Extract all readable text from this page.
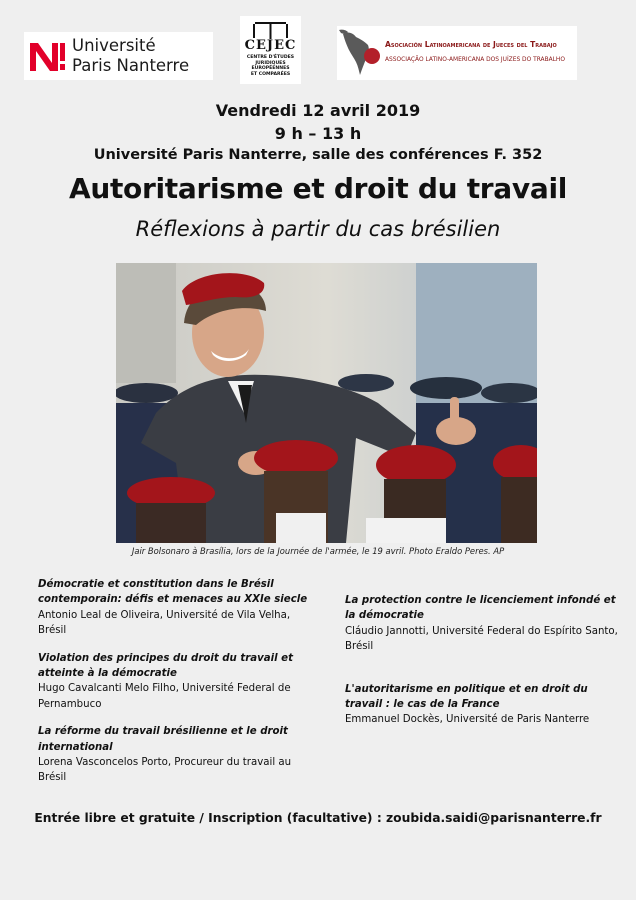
Université
Paris Nanterre
CEJEC
CENTRE D'ÉTUDES
JURIDIQUES
EUROPÉENNES
ET COMPARÉES
Asociación Latinoamericana de Jueces del Trabajo
ASSOCIAÇÃO LATINO-AMERICANA DOS JUÍZES DO TRABALHO
Vendredi 12 avril 2019
9 h – 13 h
Université Paris Nanterre, salle des conférences F. 352
Autoritarisme et droit du travail
Réflexions à partir du cas brésilien
Jair Bolsonaro à Brasília, lors de la Journée de l'armée, le 19 avril. Photo Eraldo Peres. AP
Démocratie et constitution dans le Brésil contemporain: défis et menaces au XXIe siecle
Antonio Leal de Oliveira, Université de Vila Velha, Brésil
Violation des principes du droit du travail et atteinte à la démocratie
Hugo Cavalcanti Melo Filho, Université Federal de Pernambuco
La réforme du travail brésilienne et le droit international
Lorena Vasconcelos Porto, Procureur du travail au Brésil
La protection contre le licenciement infondé et la démocratie
Cláudio Jannotti, Université Federal do Espírito Santo, Brésil
L'autoritarisme en politique et en droit du travail : le cas de la France
Emmanuel Dockès, Université de Paris Nanterre
Entrée libre et gratuite / Inscription (facultative) : zoubida.saidi@parisnanterre.fr
